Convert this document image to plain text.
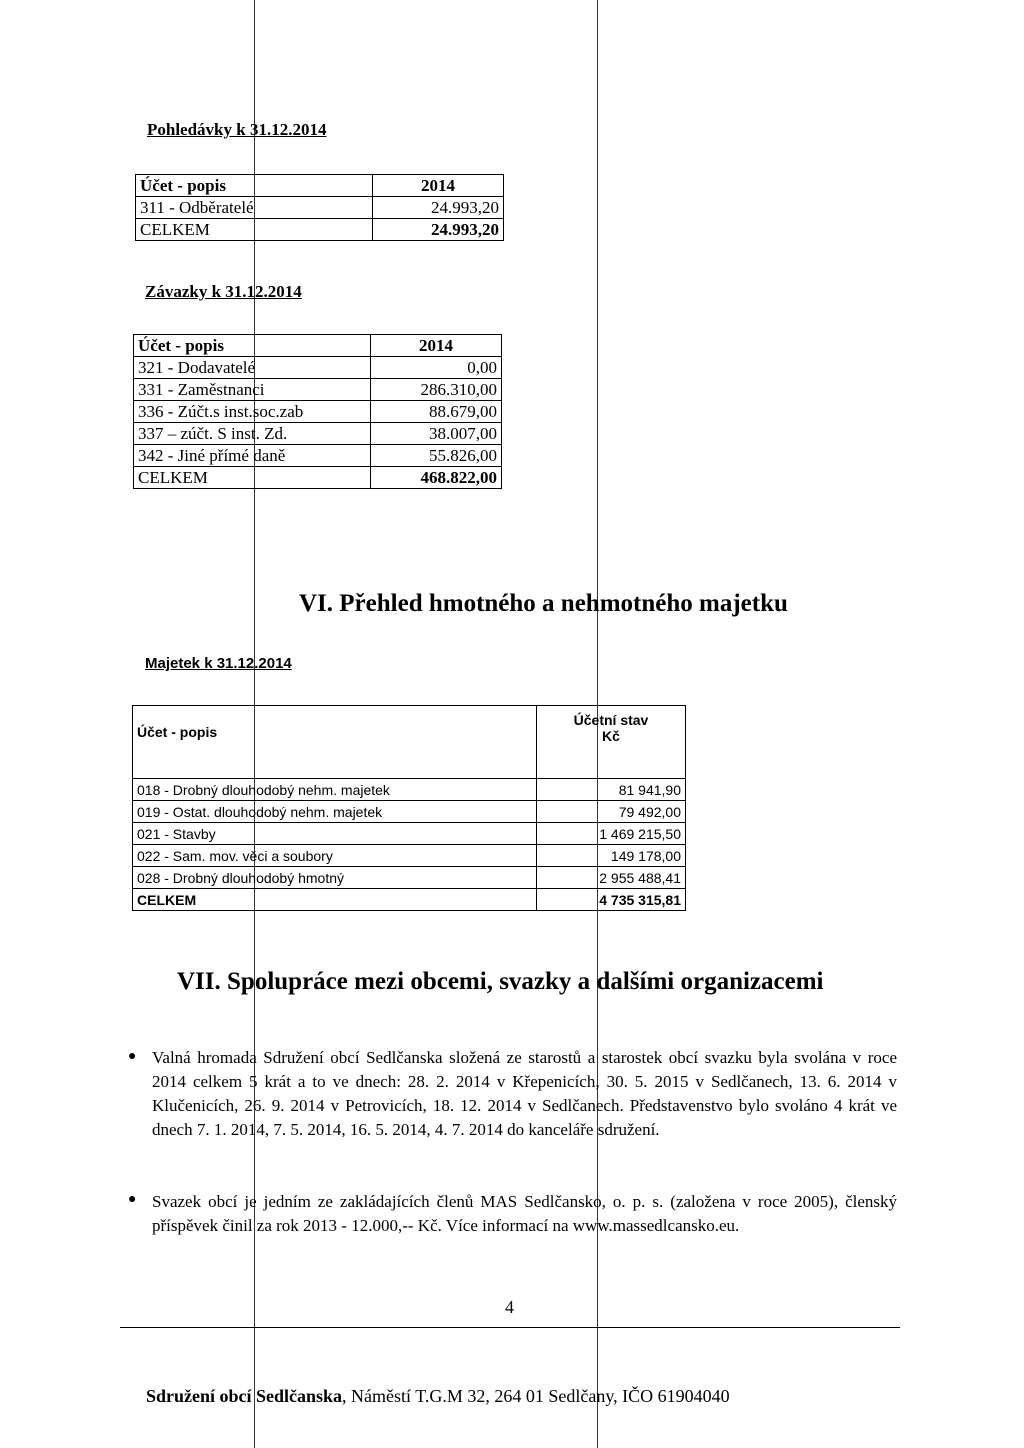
Pohledávky k 31.12.2014
Účet - popis	2014
311 - Odběratelé	24.993,20
CELKEM	24.993,20
Závazky k 31.12.2014
Účet - popis	2014
321 - Dodavatelé	0,00
331 - Zaměstnanci	286.310,00
336 - Zúčt.s inst.soc.zab	88.679,00
337 – zúčt. S inst. Zd.	38.007,00
342 - Jiné přímé daně	55.826,00
CELKEM	468.822,00
VI. Přehled hmotného a nehmotného majetku
Majetek k 31.12.2014
Účet - popis	Účetní stav
Kč

018 - Drobný dlouhodobý nehm. majetek	81 941,90
019 - Ostat. dlouhodobý nehm. majetek	79 492,00
021 - Stavby	1 469 215,50
022 - Sam. mov. věci a soubory	149 178,00
028 - Drobný dlouhodobý hmotný	2 955 488,41
CELKEM	4 735 315,81
VII. Spolupráce mezi obcemi, svazky a dalšími organizacemi
● Valná hromada Sdružení obcí Sedlčanska složená ze starostů a starostek obcí svazku byla svolána v roce 2014 celkem 5 krát a to ve dnech: 28. 2. 2014 v Křepenicích, 30. 5. 2015 v Sedlčanech, 13. 6. 2014 v Klučenicích, 26. 9. 2014 v Petrovicích, 18. 12. 2014 v Sedlčanech. Představenstvo bylo svoláno 4 krát ve dnech 7. 1. 2014, 7. 5. 2014, 16. 5. 2014, 4. 7. 2014 do kanceláře sdružení.
● Svazek obcí je jedním ze zakládajících členů MAS Sedlčansko, o. p. s. (založena v roce 2005), členský příspěvek činil za rok 2013 - 12.000,-- Kč. Více informací na www.massedlcansko.eu.
4
Sdružení obcí Sedlčanska, Náměstí T.G.M 32, 264 01 Sedlčany, IČO 61904040
